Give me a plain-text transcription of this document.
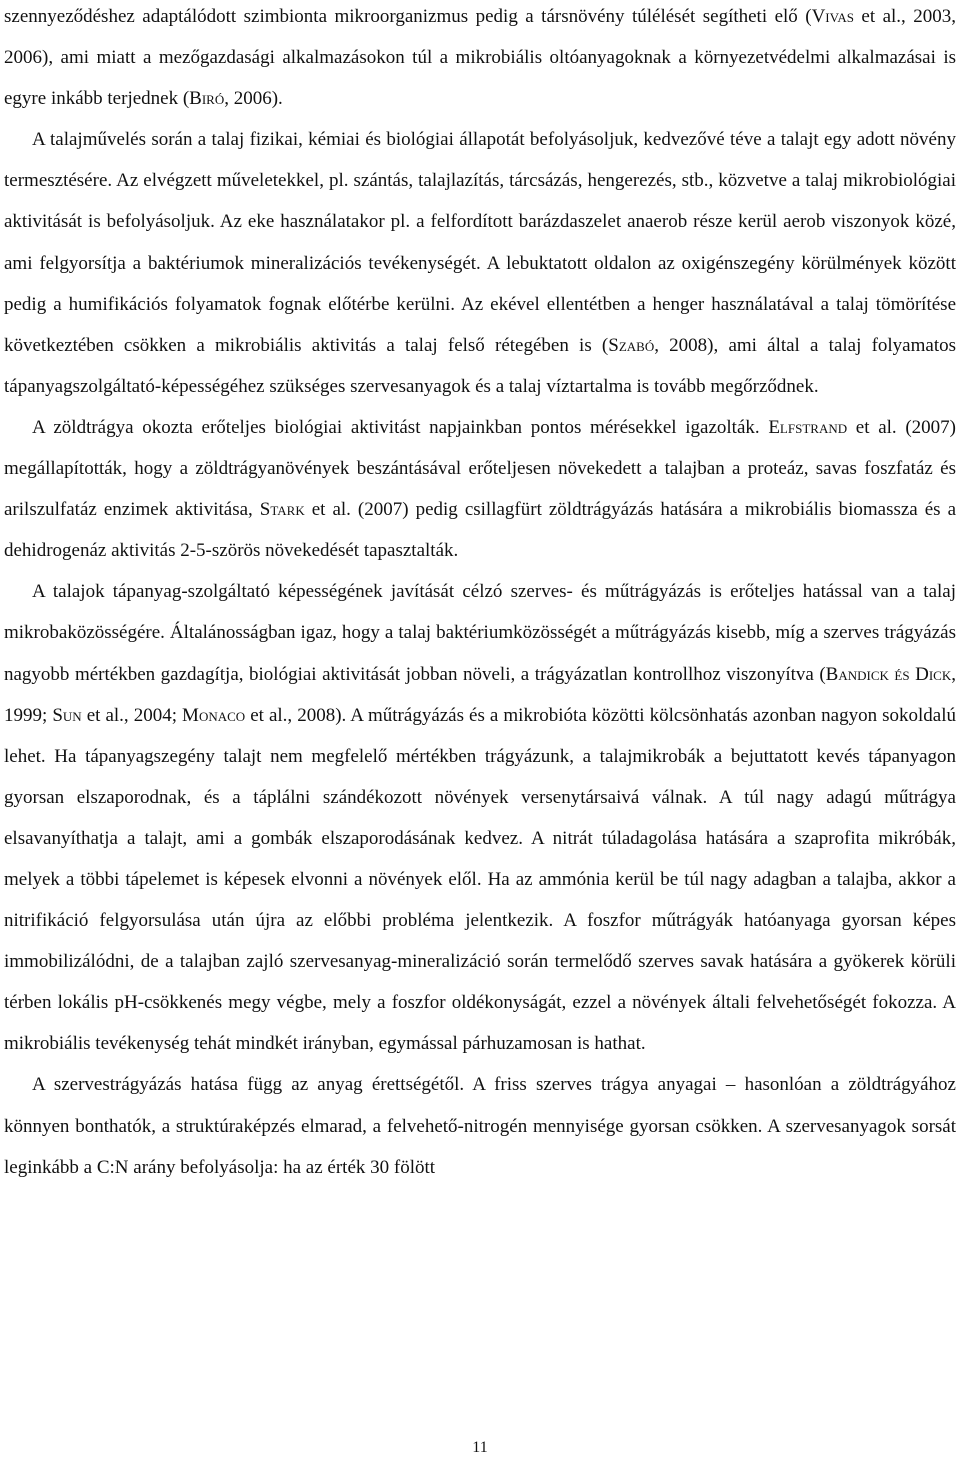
szennyeződéshez adaptálódott szimbionta mikroorganizmus pedig a társnövény túlélését segítheti elő (Vivas et al., 2003, 2006), ami miatt a mezőgazdasági alkalmazásokon túl a mikrobiális oltóanyagoknak a környezetvédelmi alkalmazásai is egyre inkább terjednek (Biró, 2006).

A talajművelés során a talaj fizikai, kémiai és biológiai állapotát befolyásoljuk, kedvezővé téve a talajt egy adott növény termesztésére. Az elvégzett műveletekkel, pl. szántás, talajlazítás, tárcsázás, hengerezés, stb., közvetve a talaj mikrobiológiai aktivitását is befolyásoljuk. Az eke használatakor pl. a felfordított barázdaszelet anaerob része kerül aerob viszonyok közé, ami felgyorsítja a baktériumok mineralizációs tevékenységét. A lebuktatott oldalon az oxigénszegény körülmények között pedig a humifikációs folyamatok fognak előtérbe kerülni. Az ekével ellentétben a henger használatával a talaj tömörítése következtében csökken a mikrobiális aktivitás a talaj felső rétegében is (Szabó, 2008), ami által a talaj folyamatos tápanyagszolgáltató-képességéhez szükséges szervesanyagok és a talaj víztartalma is tovább megőrződnek.

A zöldtrágya okozta erőteljes biológiai aktivitást napjainkban pontos mérésekkel igazolták. Elfstrand et al. (2007) megállapították, hogy a zöldtrágyanövények beszántásával erőteljesen növekedett a talajban a proteáz, savas foszfatáz és arilszulfatáz enzimek aktivitása, Stark et al. (2007) pedig csillagfürt zöldtrágyázás hatására a mikrobiális biomassza és a dehidrogenáz aktivitás 2-5-szörös növekedését tapasztalták.

A talajok tápanyag-szolgáltató képességének javítását célzó szerves- és műtrágyázás is erőteljes hatással van a talaj mikrobaközösségére. Általánosságban igaz, hogy a talaj baktériumközösségét a műtrágyázás kisebb, míg a szerves trágyázás nagyobb mértékben gazdagítja, biológiai aktivitását jobban növeli, a trágyázatlan kontrollhoz viszonyítva (Bandick és Dick, 1999; Sun et al., 2004; Monaco et al., 2008). A műtrágyázás és a mikrobióta közötti kölcsönhatás azonban nagyon sokoldalú lehet. Ha tápanyagszegény talajt nem megfelelő mértékben trágyázunk, a talajmikrobák a bejuttatott kevés tápanyagon gyorsan elszaporodnak, és a táplálni szándékozott növények versenytársaivá válnak. A túl nagy adagú műtrágya elsavanyíthatja a talajt, ami a gombák elszaporodásának kedvez. A nitrát túladagolása hatására a szaprofita mikróbák, melyek a többi tápelemet is képesek elvonni a növények elől. Ha az ammónia kerül be túl nagy adagban a talajba, akkor a nitrifikáció felgyorsulása után újra az előbbi probléma jelentkezik. A foszfor műtrágyák hatóanyaga gyorsan képes immobilizálódni, de a talajban zajló szervesanyag-mineralizáció során termelődő szerves savak hatására a gyökerek körüli térben lokális pH-csökkenés megy végbe, mely a foszfor oldékonyságát, ezzel a növények általi felvehetőségét fokozza. A mikrobiális tevékenység tehát mindkét irányban, egymással párhuzamosan is hathat.

A szervestrágyázás hatása függ az anyag érettségétől. A friss szerves trágya anyagai – hasonlóan a zöldtrágyához könnyen bonthatók, a struktúraképzés elmarad, a felvehető-nitrogén mennyisége gyorsan csökken. A szervesanyagok sorsát leginkább a C:N arány befolyásolja: ha az érték 30 fölött

11
